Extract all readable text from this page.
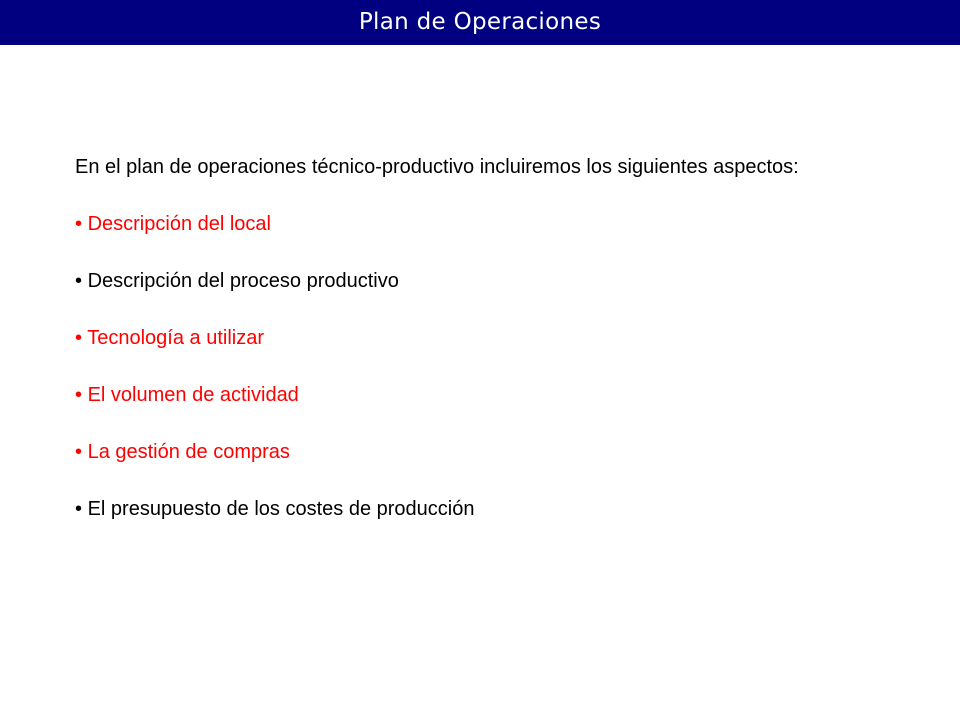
Plan de Operaciones

En el plan de operaciones técnico-productivo incluiremos los siguientes aspectos:

• Descripción del local
• Descripción del proceso productivo
• Tecnología a utilizar
• El volumen de actividad
• La gestión de compras
• El presupuesto de los costes de producción
